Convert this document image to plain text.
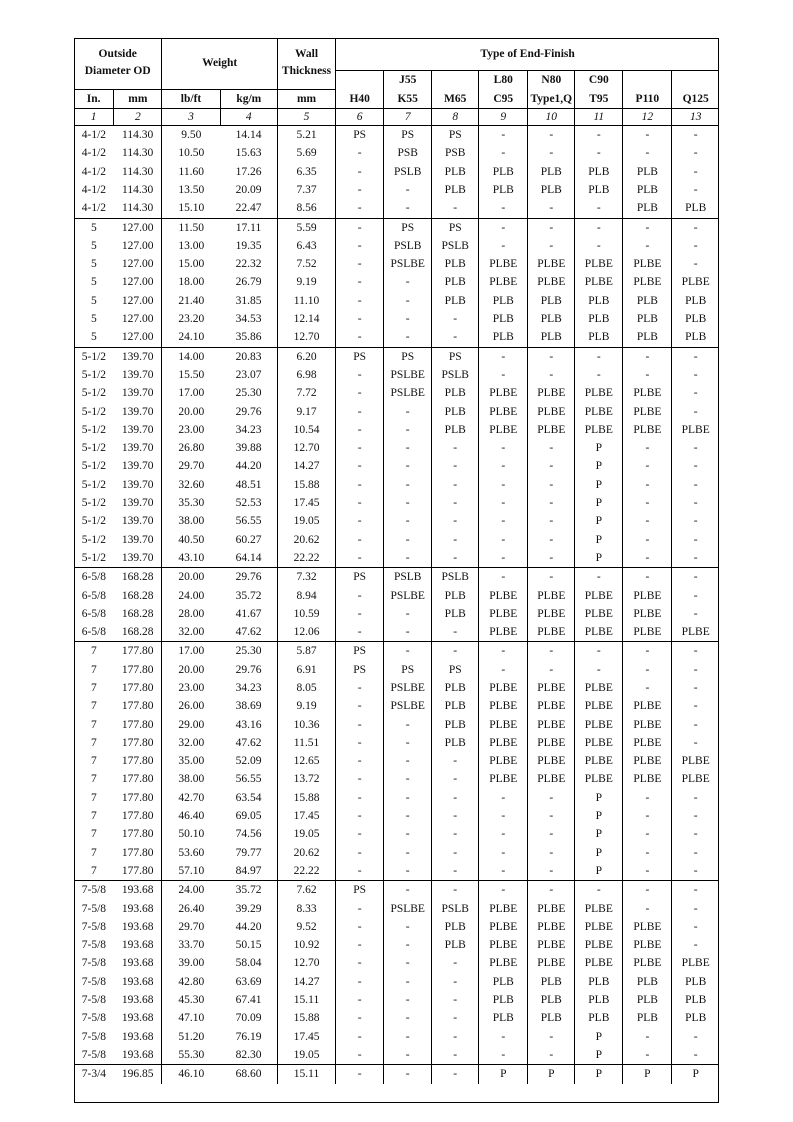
Outside Diameter OD		Weight		Wall Thickness	Type of End-Finish							
						J55		L80	N80	C90		
In.	mm	lb/ft	kg/m	mm	H40	K55	M65	C95	Type1,Q	T95	P110	Q125
1	2	3	4	5	6	7	8	9	10	11	12	13
4-1/2	114.30	9.50	14.14	5.21	PS	PS	PS	-	-	-	-	-
4-1/2	114.30	10.50	15.63	5.69	-	PSB	PSB	-	-	-	-	-
4-1/2	114.30	11.60	17.26	6.35	-	PSLB	PLB	PLB	PLB	PLB	PLB	-
4-1/2	114.30	13.50	20.09	7.37	-	-	PLB	PLB	PLB	PLB	PLB	-
4-1/2	114.30	15.10	22.47	8.56	-	-	-	-	-	-	PLB	PLB
5	127.00	11.50	17.11	5.59	-	PS	PS	-	-	-	-	-
5	127.00	13.00	19.35	6.43	-	PSLB	PSLB	-	-	-	-	-
5	127.00	15.00	22.32	7.52	-	PSLBE	PLB	PLBE	PLBE	PLBE	PLBE	-
5	127.00	18.00	26.79	9.19	-	-	PLB	PLBE	PLBE	PLBE	PLBE	PLBE
5	127.00	21.40	31.85	11.10	-	-	PLB	PLB	PLB	PLB	PLB	PLB
5	127.00	23.20	34.53	12.14	-	-	-	PLB	PLB	PLB	PLB	PLB
5	127.00	24.10	35.86	12.70	-	-	-	PLB	PLB	PLB	PLB	PLB
5-1/2	139.70	14.00	20.83	6.20	PS	PS	PS	-	-	-	-	-
5-1/2	139.70	15.50	23.07	6.98	-	PSLBE	PSLB	-	-	-	-	-
5-1/2	139.70	17.00	25.30	7.72	-	PSLBE	PLB	PLBE	PLBE	PLBE	PLBE	-
5-1/2	139.70	20.00	29.76	9.17	-	-	PLB	PLBE	PLBE	PLBE	PLBE	-
5-1/2	139.70	23.00	34.23	10.54	-	-	PLB	PLBE	PLBE	PLBE	PLBE	PLBE
5-1/2	139.70	26.80	39.88	12.70	-	-	-	-	-	P	-	-
5-1/2	139.70	29.70	44.20	14.27	-	-	-	-	-	P	-	-
5-1/2	139.70	32.60	48.51	15.88	-	-	-	-	-	P	-	-
5-1/2	139.70	35.30	52.53	17.45	-	-	-	-	-	P	-	-
5-1/2	139.70	38.00	56.55	19.05	-	-	-	-	-	P	-	-
5-1/2	139.70	40.50	60.27	20.62	-	-	-	-	-	P	-	-
5-1/2	139.70	43.10	64.14	22.22	-	-	-	-	-	P	-	-
6-5/8	168.28	20.00	29.76	7.32	PS	PSLB	PSLB	-	-	-	-	-
6-5/8	168.28	24.00	35.72	8.94	-	PSLBE	PLB	PLBE	PLBE	PLBE	PLBE	-
6-5/8	168.28	28.00	41.67	10.59	-	-	PLB	PLBE	PLBE	PLBE	PLBE	-
6-5/8	168.28	32.00	47.62	12.06	-	-	-	PLBE	PLBE	PLBE	PLBE	PLBE
7	177.80	17.00	25.30	5.87	PS	-	-	-	-	-	-	-
7	177.80	20.00	29.76	6.91	PS	PS	PS	-	-	-	-	-
7	177.80	23.00	34.23	8.05	-	PSLBE	PLB	PLBE	PLBE	PLBE	-	-
7	177.80	26.00	38.69	9.19	-	PSLBE	PLB	PLBE	PLBE	PLBE	PLBE	-
7	177.80	29.00	43.16	10.36	-	-	PLB	PLBE	PLBE	PLBE	PLBE	-
7	177.80	32.00	47.62	11.51	-	-	PLB	PLBE	PLBE	PLBE	PLBE	-
7	177.80	35.00	52.09	12.65	-	-	-	PLBE	PLBE	PLBE	PLBE	PLBE
7	177.80	38.00	56.55	13.72	-	-	-	PLBE	PLBE	PLBE	PLBE	PLBE
7	177.80	42.70	63.54	15.88	-	-	-	-	-	P	-	-
7	177.80	46.40	69.05	17.45	-	-	-	-	-	P	-	-
7	177.80	50.10	74.56	19.05	-	-	-	-	-	P	-	-
7	177.80	53.60	79.77	20.62	-	-	-	-	-	P	-	-
7	177.80	57.10	84.97	22.22	-	-	-	-	-	P	-	-
7-5/8	193.68	24.00	35.72	7.62	PS	-	-	-	-	-	-	-
7-5/8	193.68	26.40	39.29	8.33	-	PSLBE	PSLB	PLBE	PLBE	PLBE	-	-
7-5/8	193.68	29.70	44.20	9.52	-	-	PLB	PLBE	PLBE	PLBE	PLBE	-
7-5/8	193.68	33.70	50.15	10.92	-	-	PLB	PLBE	PLBE	PLBE	PLBE	-
7-5/8	193.68	39.00	58.04	12.70	-	-	-	PLBE	PLBE	PLBE	PLBE	PLBE
7-5/8	193.68	42.80	63.69	14.27	-	-	-	PLB	PLB	PLB	PLB	PLB
7-5/8	193.68	45.30	67.41	15.11	-	-	-	PLB	PLB	PLB	PLB	PLB
7-5/8	193.68	47.10	70.09	15.88	-	-	-	PLB	PLB	PLB	PLB	PLB
7-5/8	193.68	51.20	76.19	17.45	-	-	-	-	-	P	-	-
7-5/8	193.68	55.30	82.30	19.05	-	-	-	-	-	P	-	-
7-3/4	196.85	46.10	68.60	15.11	-	-	-	P	P	P	P	P
